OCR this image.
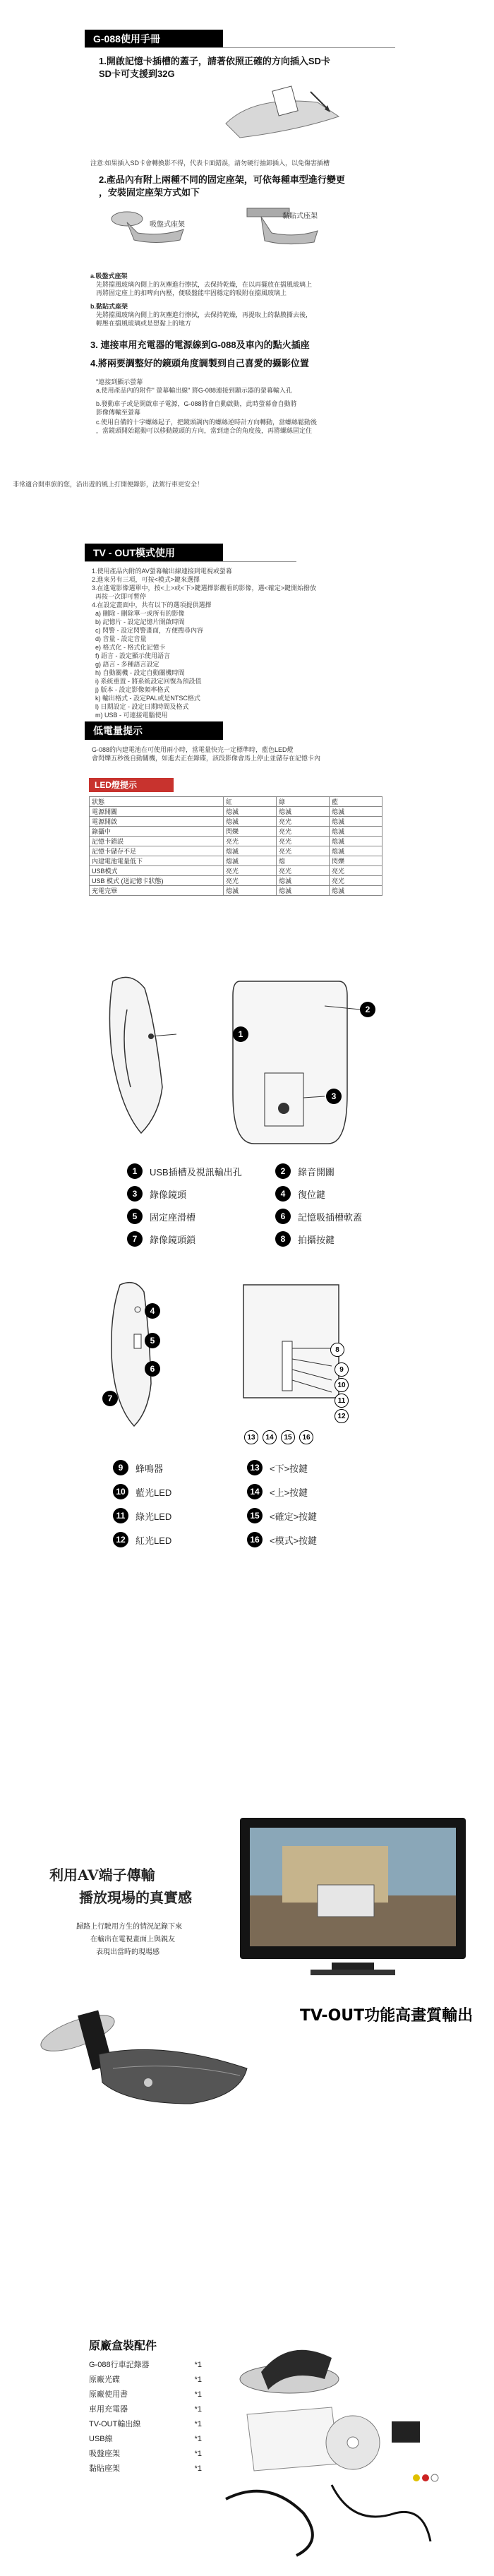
G-088使用手冊
1.開啟記憶卡插槽的蓋子，請著依照正確的方向插入SD卡
SD卡可支援到32G
注意:如果插入SD卡會轉換影不得，代表卡面錯誤，請勿硬行抽卸插入，以免傷害插槽
2.產品內有附上兩種不同的固定座架，可依每種車型進行變更
，安裝固定座架方式如下
吸盤式座架
黏貼式座架
a.吸盤式座架
先將擋風玻璃內側上的灰塵進行擦拭，去保持乾燥，在以再擺放在擋風玻璃上
再將固定座上的扣啤向內壓，便吸盤能牢固穩定的吸附在擋風玻璃上
b.黏貼式座架
先將擋風玻璃內側上的灰塵進行擦拭，去保持乾燥，再提取上的黏膜撕去後，
輕壓在擋風玻璃或是想黏上的地方
3. 連接車用充電器的電源線到G-088及車內的點火插座
4.將兩要調整好的鏡頭角度調製到自己喜愛的攝影位置
"連接到顯示螢幕
a.使用產品內的附件" 螢幕輸出線" 將G-088連接到顯示器的螢幕輸入孔
b.發動車子或是開啟車子電源，G-088將會自動啟動，此時螢幕會自動將
影像傳輸至螢幕
c.使用自備的十字螺絲起子，把鏡頭調內的螺絲逆時計方向轉動，當螺絲鬆動後
，當鏡頭開始鬆動可以移動鏡頭的方向，當到達合的角度後，再將螺絲固定住
非常適合開車旅的您，沿出遊的風上打開便錄影，法駕行車更安全！
TV - OUT模式使用
1.使用產品內附的AV螢幕輸出線連接到電視或螢幕
2.進來另有三項，可按<模式>鍵來選擇
3.在進電影像選單中，按<上>或<下>鍵選擇影觀看的影像，選<確定>鍵開始撥放
再按一次即可暫停
4.在設定畫面中，共有以下的選項提供選擇
a) 刪除 - 刪除單一或所有的影像
b) 記憶片 - 設定記憶片開啟時間
c) 閃警 - 設定閃警畫面，方便搜尋內容
d) 音量 - 設定音量
e) 格式化 - 格式化記憶卡
f) 語言 - 設定顯示使用語言
g) 語言 - 多種語言設定
h) 自動關機 - 設定自動關機時間
i) 系統重置 - 將系統設定回復為預設值
j) 版本 - 設定影像頻率格式
k) 輸出格式 - 設定PAL或是NTSC格式
l) 日期設定 - 設定日期時間及格式
m) USB - 可連接電腦使用
低電量提示
G-088的內建電池在可使用兩小時，當電量快完一定標準時，藍色LED燈
會閃爍五秒後自動關機，如進去正在錄碟，該段影像會馬上停止並儲存在記憶卡內
LED燈提示
狀態	紅	綠	藍
電源開關	熄滅	熄滅	熄滅
電源開啟	熄滅	亮光	熄滅
錄攝中	閃爍	亮光	熄滅
記憶卡錯誤	亮光	亮光	熄滅
記憶卡儲存不足	熄滅	亮光	熄滅
內建電池電量低下	熄滅	熄	閃爍
USB模式	亮光	亮光	亮光
USB 模式 (送記憶卡狀態)	亮光	熄滅	亮光
充電完畢	熄滅	熄滅	熄滅
1
2
3
1	USB插槽及視訊輸出孔	2	錄音開關
3	錄像鏡頭	4	復位鍵
5	固定座滑槽	6	記憶吸插槽軟蓋
7	錄像鏡頭鎖	8	拍攝按鍵
4
5
6
7
8
9
10
11
12
13	14	15	16
9	蜂鳴器	13	<下>按鍵
10	藍光LED	14	<上>按鍵
11	綠光LED	15	<確定>按鍵
12	紅光LED	16	<模式>按鍵
利用AV端子傳輸
播放現場的真實感
歸路上行駛用方生的情況記錄下來
在輸出在電視畫面上與親友
表現出當時的現場感
TV-OUT功能高畫質輸出
原廠盒裝配件
G-088行車記錄器	*1
原廠光碟	*1
原廠使用書	*1
車用充電器	*1
TV-OUT輸出線	*1
USB線	*1
吸盤座架	*1
黏貼座架	*1
